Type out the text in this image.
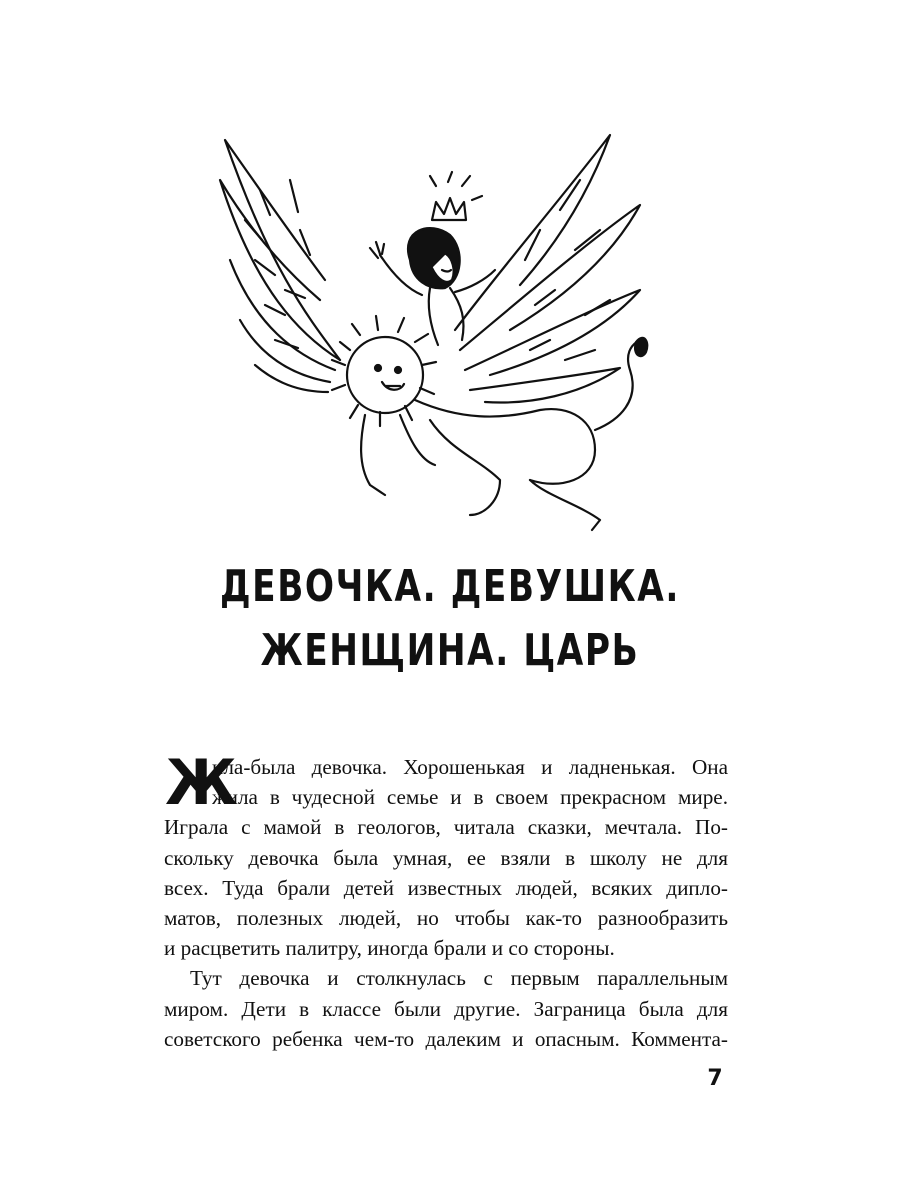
ДЕВОЧКА. ДЕВУШКА.
ЖЕНЩИНА. ЦАРЬ
Ж
ила-была девочка. Хорошенькая и ладненькая. Она
жила в чудесной семье и в своем прекрасном мире.
Играла с мамой в геологов, читала сказки, мечтала. По-
скольку девочка была умная, ее взяли в школу не для
всех. Туда брали детей известных людей, всяких дипло-
матов, полезных людей, но чтобы как-то разнообразить
и расцветить палитру, иногда брали и со стороны.
Тут девочка и столкнулась с первым параллельным
миром. Дети в классе были другие. Заграница была для
советского ребенка чем-то далеким и опасным. Коммента-
7
